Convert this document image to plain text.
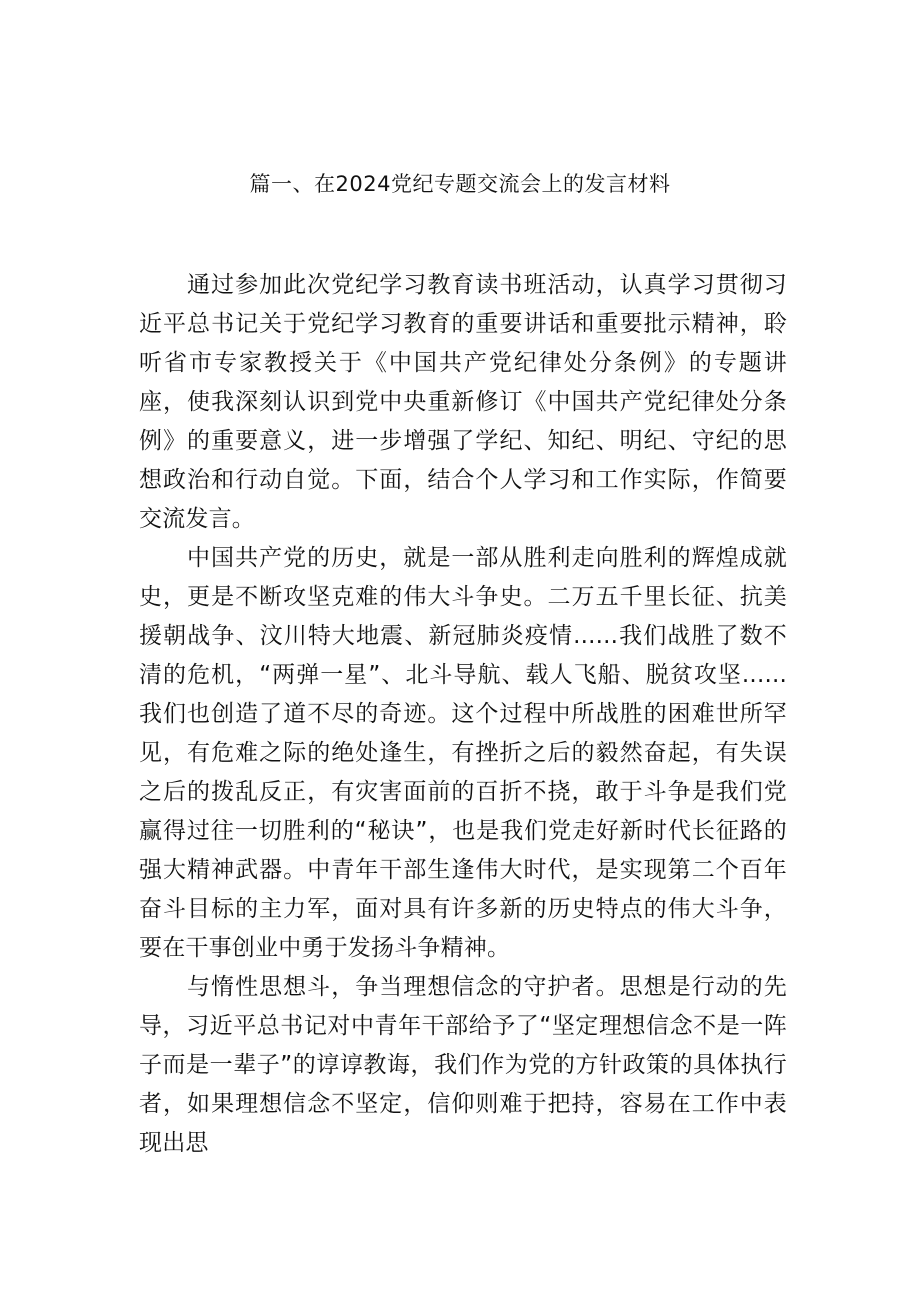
篇一、在2024党纪专题交流会上的发言材料

通过参加此次党纪学习教育读书班活动，认真学习贯彻习近平总书记关于党纪学习教育的重要讲话和重要批示精神，聆听省市专家教授关于《中国共产党纪律处分条例》的专题讲座，使我深刻认识到党中央重新修订《中国共产党纪律处分条例》的重要意义，进一步增强了学纪、知纪、明纪、守纪的思想政治和行动自觉。下面，结合个人学习和工作实际，作简要交流发言。

中国共产党的历史，就是一部从胜利走向胜利的辉煌成就史，更是不断攻坚克难的伟大斗争史。二万五千里长征、抗美援朝战争、汶川特大地震、新冠肺炎疫情......我们战胜了数不清的危机，“两弹一星”、北斗导航、载人飞船、脱贫攻坚......我们也创造了道不尽的奇迹。这个过程中所战胜的困难世所罕见，有危难之际的绝处逢生，有挫折之后的毅然奋起，有失误之后的拨乱反正，有灾害面前的百折不挠，敢于斗争是我们党赢得过往一切胜利的“秘诀”，也是我们党走好新时代长征路的强大精神武器。中青年干部生逢伟大时代，是实现第二个百年奋斗目标的主力军，面对具有许多新的历史特点的伟大斗争，要在干事创业中勇于发扬斗争精神。

与惰性思想斗，争当理想信念的守护者。思想是行动的先导，习近平总书记对中青年干部给予了“坚定理想信念不是一阵子而是一辈子”的谆谆教诲，我们作为党的方针政策的具体执行者，如果理想信念不坚定，信仰则难于把持，容易在工作中表现出思
